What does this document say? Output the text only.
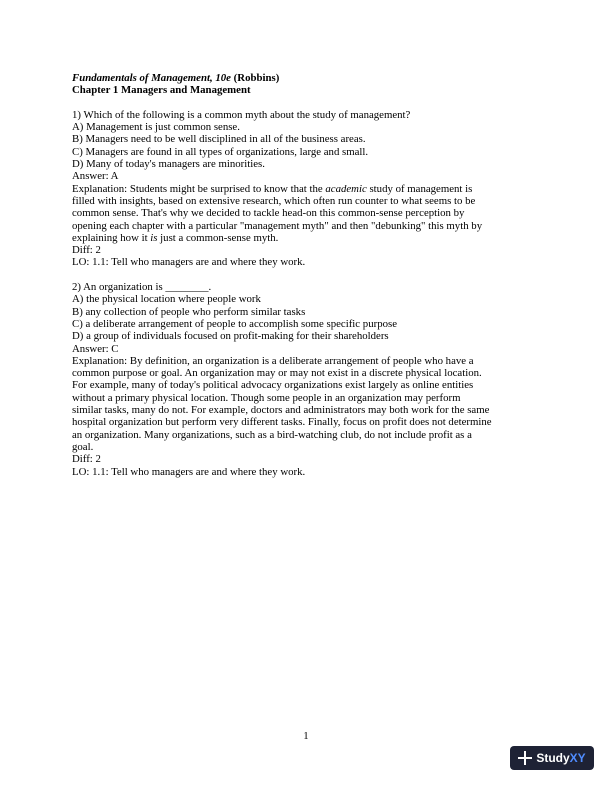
Fundamentals of Management, 10e (Robbins)
Chapter 1 Managers and Management
1) Which of the following is a common myth about the study of management?
A) Management is just common sense.
B) Managers need to be well disciplined in all of the business areas.
C) Managers are found in all types of organizations, large and small.
D) Many of today's managers are minorities.
Answer: A
Explanation: Students might be surprised to know that the academic study of management is
filled with insights, based on extensive research, which often run counter to what seems to be
common sense. That's why we decided to tackle head-on this common-sense perception by
opening each chapter with a particular "management myth" and then "debunking" this myth by
explaining how it is just a common-sense myth.
Diff: 2
LO: 1.1: Tell who managers are and where they work.
2) An organization is ________.
A) the physical location where people work
B) any collection of people who perform similar tasks
C) a deliberate arrangement of people to accomplish some specific purpose
D) a group of individuals focused on profit-making for their shareholders
Answer: C
Explanation: By definition, an organization is a deliberate arrangement of people who have a
common purpose or goal. An organization may or may not exist in a discrete physical location.
For example, many of today's political advocacy organizations exist largely as online entities
without a primary physical location. Though some people in an organization may perform
similar tasks, many do not. For example, doctors and administrators may both work for the same
hospital organization but perform very different tasks. Finally, focus on profit does not determine
an organization. Many organizations, such as a bird-watching club, do not include profit as a
goal.
Diff: 2
LO: 1.1: Tell who managers are and where they work.
1
StudyXY
